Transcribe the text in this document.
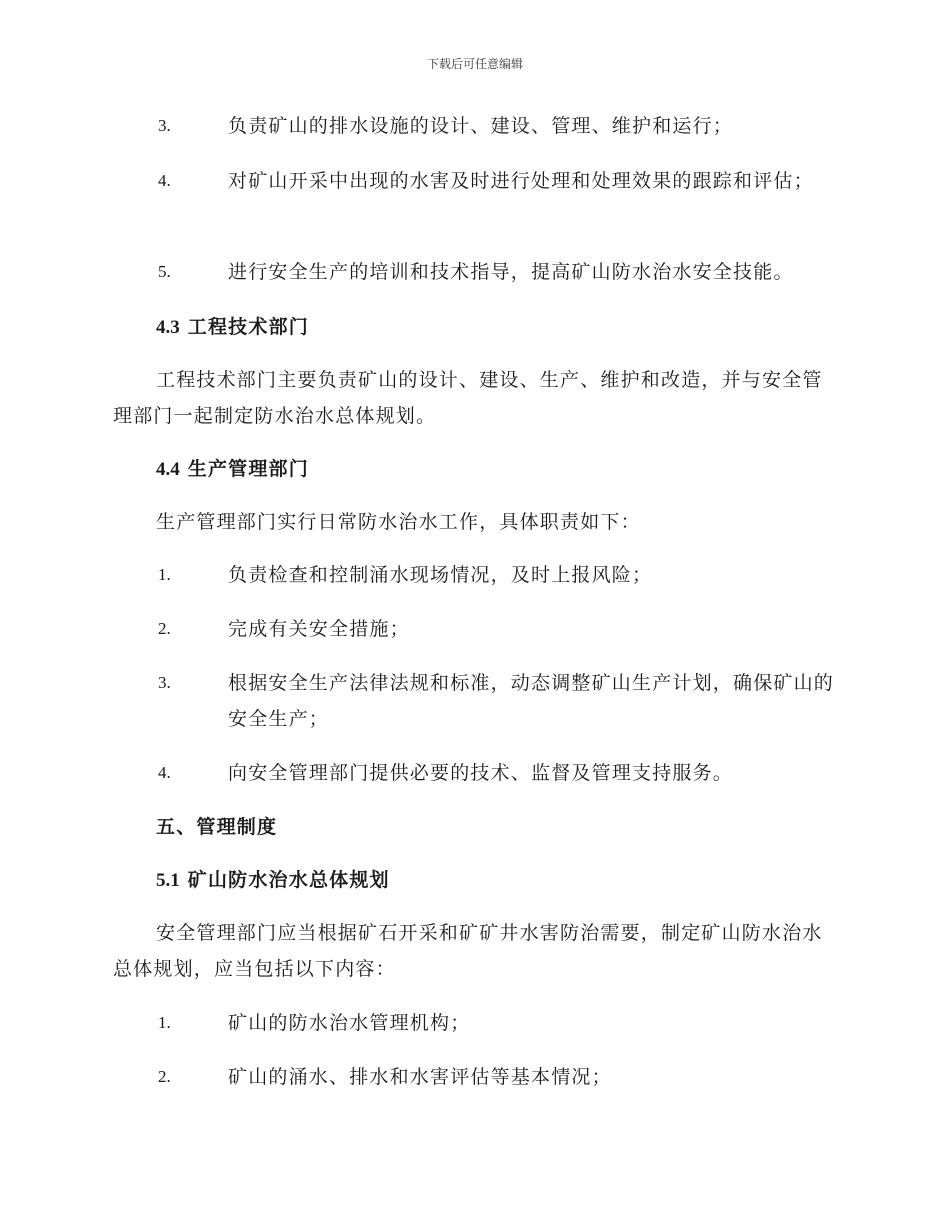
下载后可任意编辑
3.	负责矿山的排水设施的设计、建设、管理、维护和运行；
4.	对矿山开采中出现的水害及时进行处理和处理效果的跟踪和评估；
5.	进行安全生产的培训和技术指导，提高矿山防水治水安全技能。
4.3 工程技术部门
工程技术部门主要负责矿山的设计、建设、生产、维护和改造，并与安全管理部门一起制定防水治水总体规划。
4.4 生产管理部门
生产管理部门实行日常防水治水工作，具体职责如下：
1.	负责检查和控制涌水现场情况，及时上报风险；
2.	完成有关安全措施；
3.	根据安全生产法律法规和标准，动态调整矿山生产计划，确保矿山的安全生产；
4.	向安全管理部门提供必要的技术、监督及管理支持服务。
五、管理制度
5.1 矿山防水治水总体规划
安全管理部门应当根据矿石开采和矿矿井水害防治需要，制定矿山防水治水总体规划，应当包括以下内容：
1.	矿山的防水治水管理机构；
2.	矿山的涌水、排水和水害评估等基本情况；
